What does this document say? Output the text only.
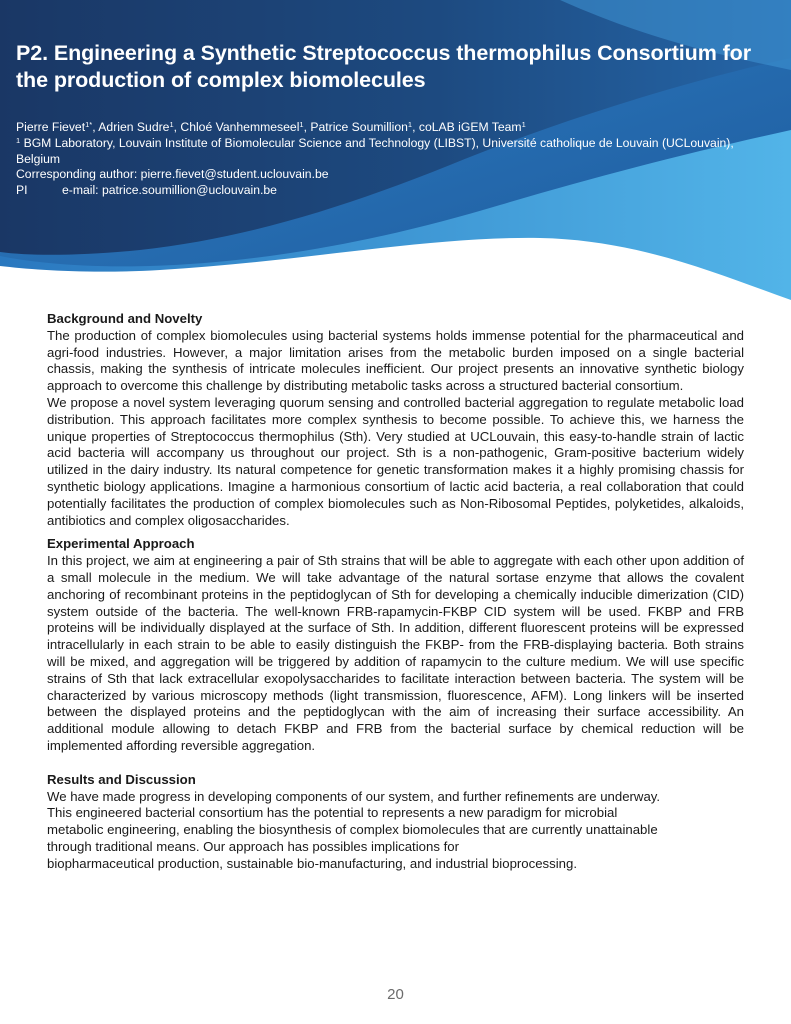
P2. Engineering a Synthetic Streptococcus thermophilus Consortium for the production of complex biomolecules
Pierre Fievet$^{1*}$, Adrien Sudre$^1$, Chloé Vanhemmeseel$^1$, Patrice Soumillion$^1$, coLAB iGEM Team$^1$
$^1$ BGM Laboratory, Louvain Institute of Biomolecular Science and Technology (LIBST), Université catholique de Louvain (UCLouvain), Belgium
Corresponding author: pierre.fievet@student.uclouvain.be
PI	e-mail: patrice.soumillion@uclouvain.be

Background and Novelty

The production of complex biomolecules using bacterial systems holds immense potential for the pharmaceutical and agri-food industries. However, a major limitation arises from the metabolic burden imposed on a single bacterial chassis, making the synthesis of intricate molecules inefficient. Our project presents an innovative synthetic biology approach to overcome this challenge by distributing metabolic tasks across a structured bacterial consortium.

We propose a novel system leveraging quorum sensing and controlled bacterial aggregation to regulate metabolic load distribution. This approach facilitates more complex synthesis to become possible. To achieve this, we harness the unique properties of Streptococcus thermophilus (Sth). Very studied at UCLouvain, this easy-to-handle strain of lactic acid bacteria will accompany us throughout our project. Sth is a non-pathogenic, Gram-positive bacterium widely utilized in the dairy industry. Its natural competence for genetic transformation makes it a highly promising chassis for synthetic biology applications. Imagine a harmonious consortium of lactic acid bacteria, a real collaboration that could potentially facilitates the production of complex biomolecules such as Non-Ribosomal Peptides, polyketides, alkaloids, antibiotics and complex oligosaccharides.

Experimental Approach

In this project, we aim at engineering a pair of Sth strains that will be able to aggregate with each other upon addition of a small molecule in the medium. We will take advantage of the natural sortase enzyme that allows the covalent anchoring of recombinant proteins in the peptidoglycan of Sth for developing a chemically inducible dimerization (CID) system outside of the bacteria. The well-known FRB-rapamycin-FKBP CID system will be used. FKBP and FRB proteins will be individually displayed at the surface of Sth. In addition, different fluorescent proteins will be expressed intracellularly in each strain to be able to easily distinguish the FKBP- from the FRB-displaying bacteria. Both strains will be mixed, and aggregation will be triggered by addition of rapamycin to the culture medium. We will use specific strains of Sth that lack extracellular exopolysaccharides to facilitate interaction between bacteria. The system will be characterized by various microscopy methods (light transmission, fluorescence, AFM). Long linkers will be inserted between the displayed proteins and the peptidoglycan with the aim of increasing their surface accessibility. An additional module allowing to detach FKBP and FRB from the bacterial surface by chemical reduction will be implemented affording reversible aggregation.

Results and Discussion

We have made progress in developing components of our system, and further refinements are underway.
This engineered bacterial consortium has the potential to represents a new paradigm for microbial
metabolic engineering, enabling the biosynthesis of complex biomolecules that are currently unattainable
through traditional means. Our approach has possibles implications for
biopharmaceutical production, sustainable bio-manufacturing, and industrial bioprocessing.
20
